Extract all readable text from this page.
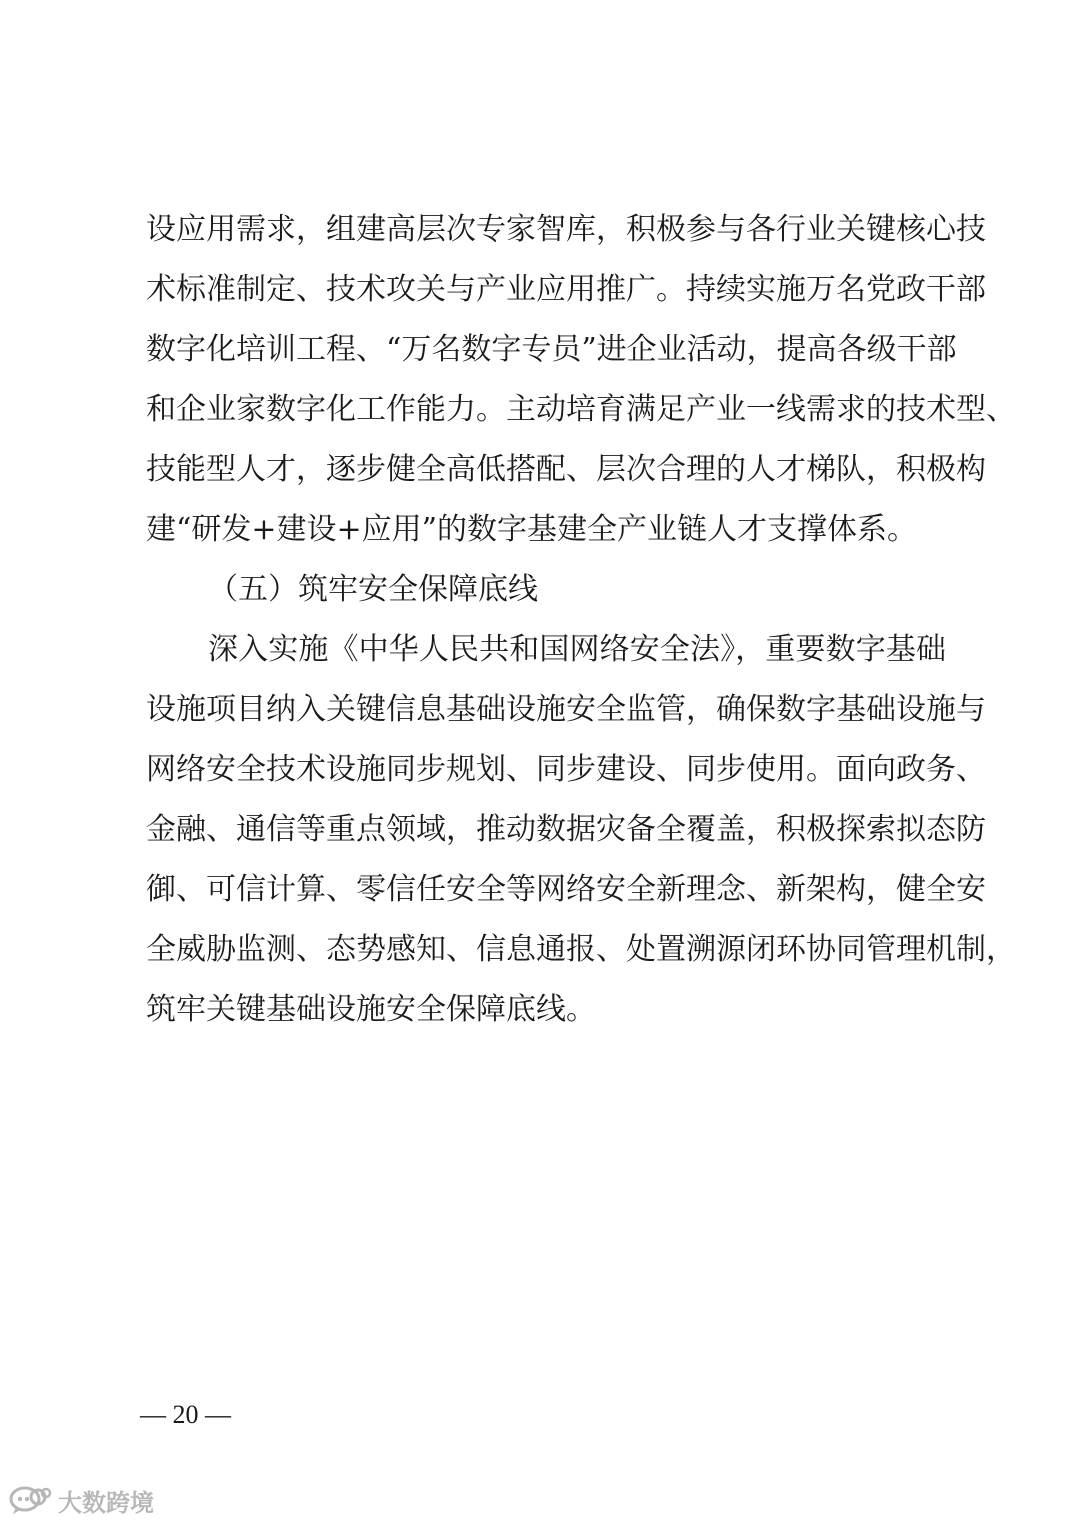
设应用需求，组建高层次专家智库，积极参与各行业关键核心技
术标准制定、技术攻关与产业应用推广。持续实施万名党政干部
数字化培训工程、“万名数字专员”进企业活动，提高各级干部
和企业家数字化工作能力。主动培育满足产业一线需求的技术型、
技能型人才，逐步健全高低搭配、层次合理的人才梯队，积极构
建“研发+建设+应用”的数字基建全产业链人才支撑体系。
（五）筑牢安全保障底线
深入实施《中华人民共和国网络安全法》，重要数字基础
设施项目纳入关键信息基础设施安全监管，确保数字基础设施与
网络安全技术设施同步规划、同步建设、同步使用。面向政务、
金融、通信等重点领域，推动数据灾备全覆盖，积极探索拟态防
御、可信计算、零信任安全等网络安全新理念、新架构，健全安
全威胁监测、态势感知、信息通报、处置溯源闭环协同管理机制，
筑牢关键基础设施安全保障底线。
— 20 —
大数跨境
